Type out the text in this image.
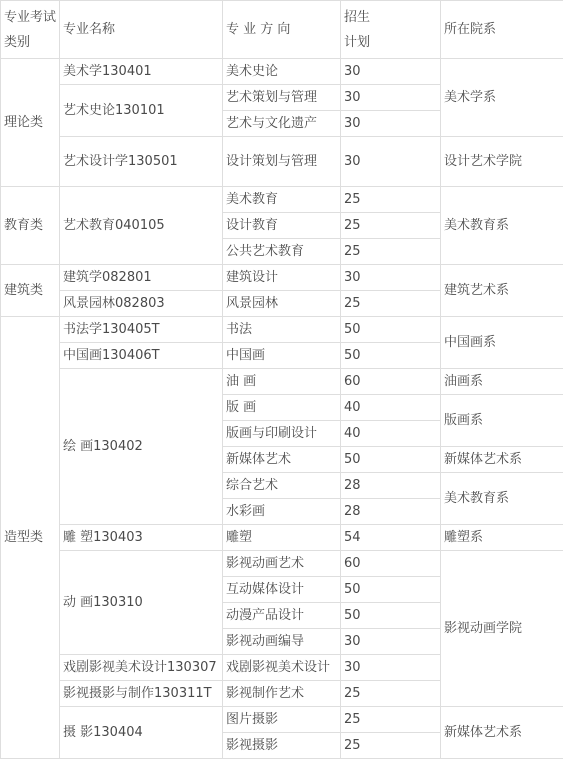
专业考试类别	专业名称	专 业 方 向	招生计划	所在院系
理论类	美术学130401	美术史论	30	美术学系
	艺术史论130101	艺术策划与管理	30	
		艺术与文化遗产	30	
	艺术设计学130501	设计策划与管理	30	设计艺术学院
教育类	艺术教育040105	美术教育	25	美术教育系
		设计教育	25	
		公共艺术教育	25	
建筑类	建筑学082801	建筑设计	30	建筑艺术系
	风景园林082803	风景园林	25	
造型类	书法学130405T	书法	50	中国画系
	中国画130406T	中国画	50	
	绘 画130402	油 画	60	油画系
		版 画	40	版画系
		版画与印刷设计	40	
		新媒体艺术	50	新媒体艺术系
		综合艺术	28	美术教育系
		水彩画	28	
	雕 塑130403	雕塑	54	雕塑系
	动 画130310	影视动画艺术	60	影视动画学院
		互动媒体设计	50	
		动漫产品设计	50	
		影视动画编导	30	
	戏剧影视美术设计130307	戏剧影视美术设计	30	
	影视摄影与制作130311T	影视制作艺术	25	
	摄 影130404	图片摄影	25	新媒体艺术系
		影视摄影	25	
